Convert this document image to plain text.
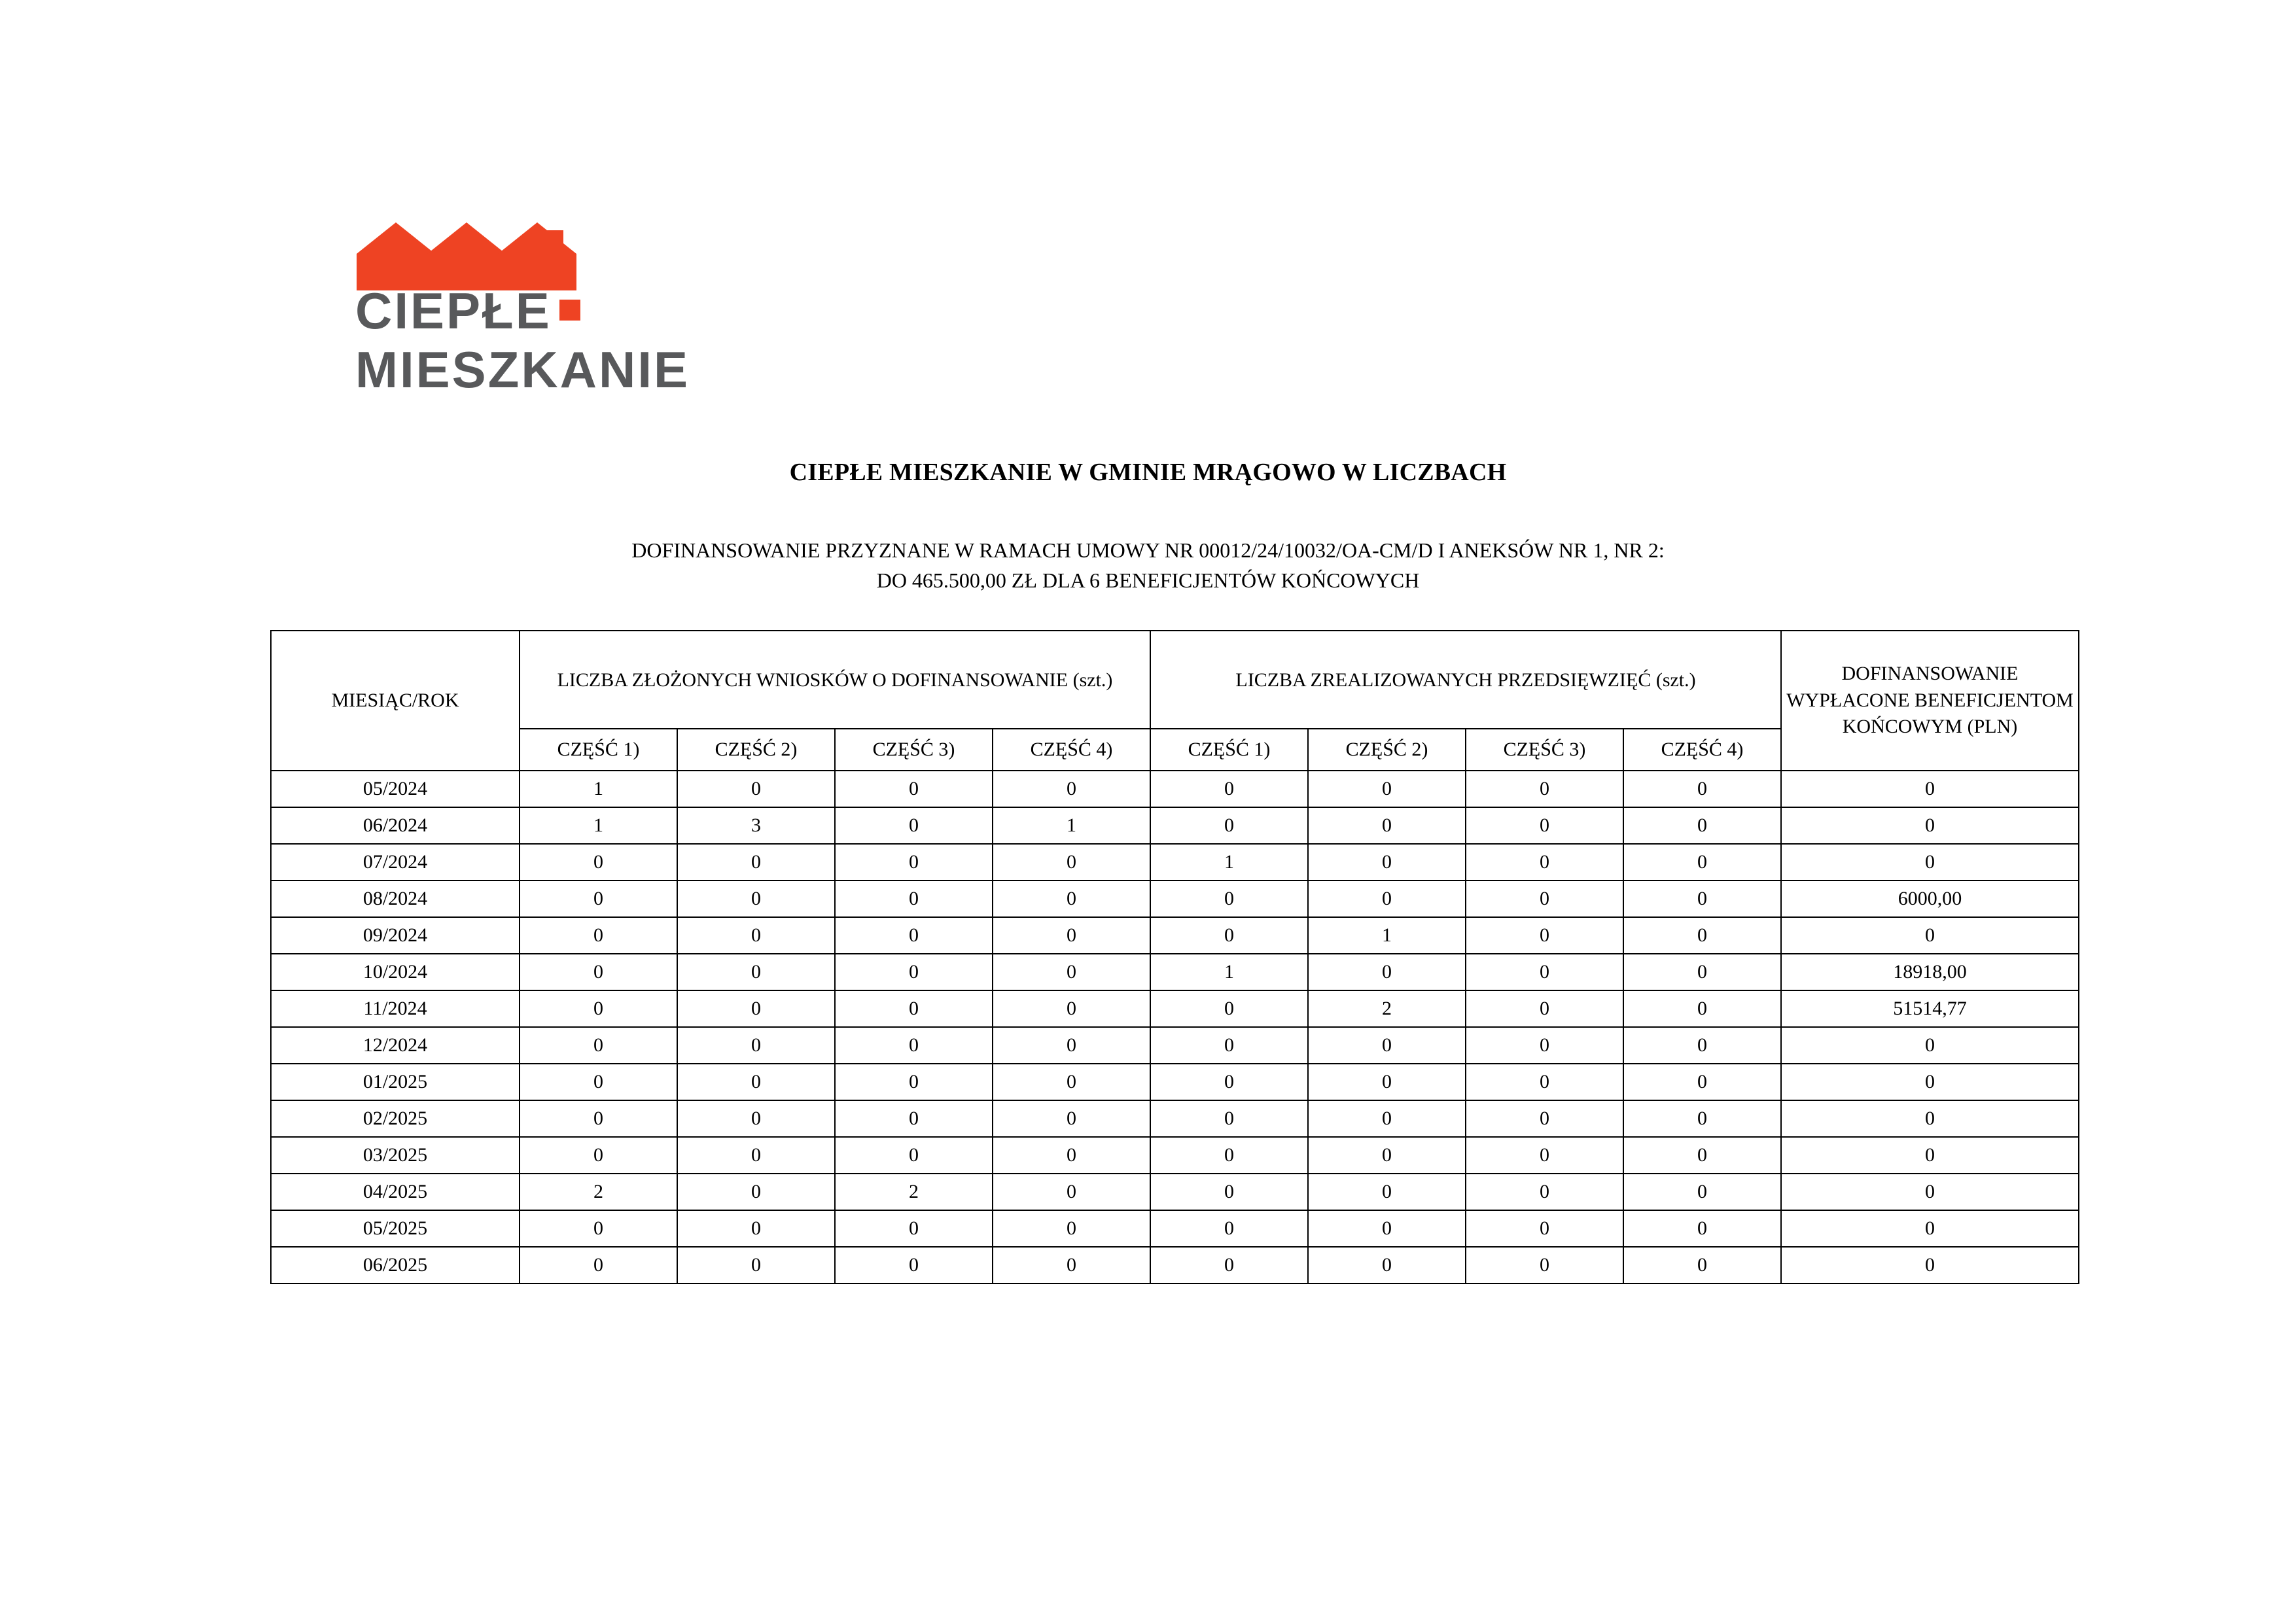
CIEPŁE
MIESZKANIE
CIEPŁE MIESZKANIE W GMINIE MRĄGOWO W LICZBACH
DOFINANSOWANIE PRZYZNANE W RAMACH UMOWY NR 00012/24/10032/OA-CM/D I ANEKSÓW NR 1, NR 2:
DO 465.500,00 ZŁ DLA 6 BENEFICJENTÓW KOŃCOWYCH
MIESIĄC/ROK	LICZBA ZŁOŻONYCH WNIOSKÓW O DOFINANSOWANIE (szt.)				LICZBA ZREALIZOWANYCH PRZEDSIĘWZIĘĆ (szt.)				DOFINANSOWANIE WYPŁACONE BENEFICJENTOM KOŃCOWYM (PLN)
	CZĘŚĆ 1)	CZĘŚĆ 2)	CZĘŚĆ 3)	CZĘŚĆ 4)	CZĘŚĆ 1)	CZĘŚĆ 2)	CZĘŚĆ 3)	CZĘŚĆ 4)	
05/2024	1	0	0	0	0	0	0	0	0
06/2024	1	3	0	1	0	0	0	0	0
07/2024	0	0	0	0	1	0	0	0	0
08/2024	0	0	0	0	0	0	0	0	6000,00
09/2024	0	0	0	0	0	1	0	0	0
10/2024	0	0	0	0	1	0	0	0	18918,00
11/2024	0	0	0	0	0	2	0	0	51514,77
12/2024	0	0	0	0	0	0	0	0	0
01/2025	0	0	0	0	0	0	0	0	0
02/2025	0	0	0	0	0	0	0	0	0
03/2025	0	0	0	0	0	0	0	0	0
04/2025	2	0	2	0	0	0	0	0	0
05/2025	0	0	0	0	0	0	0	0	0
06/2025	0	0	0	0	0	0	0	0	0
